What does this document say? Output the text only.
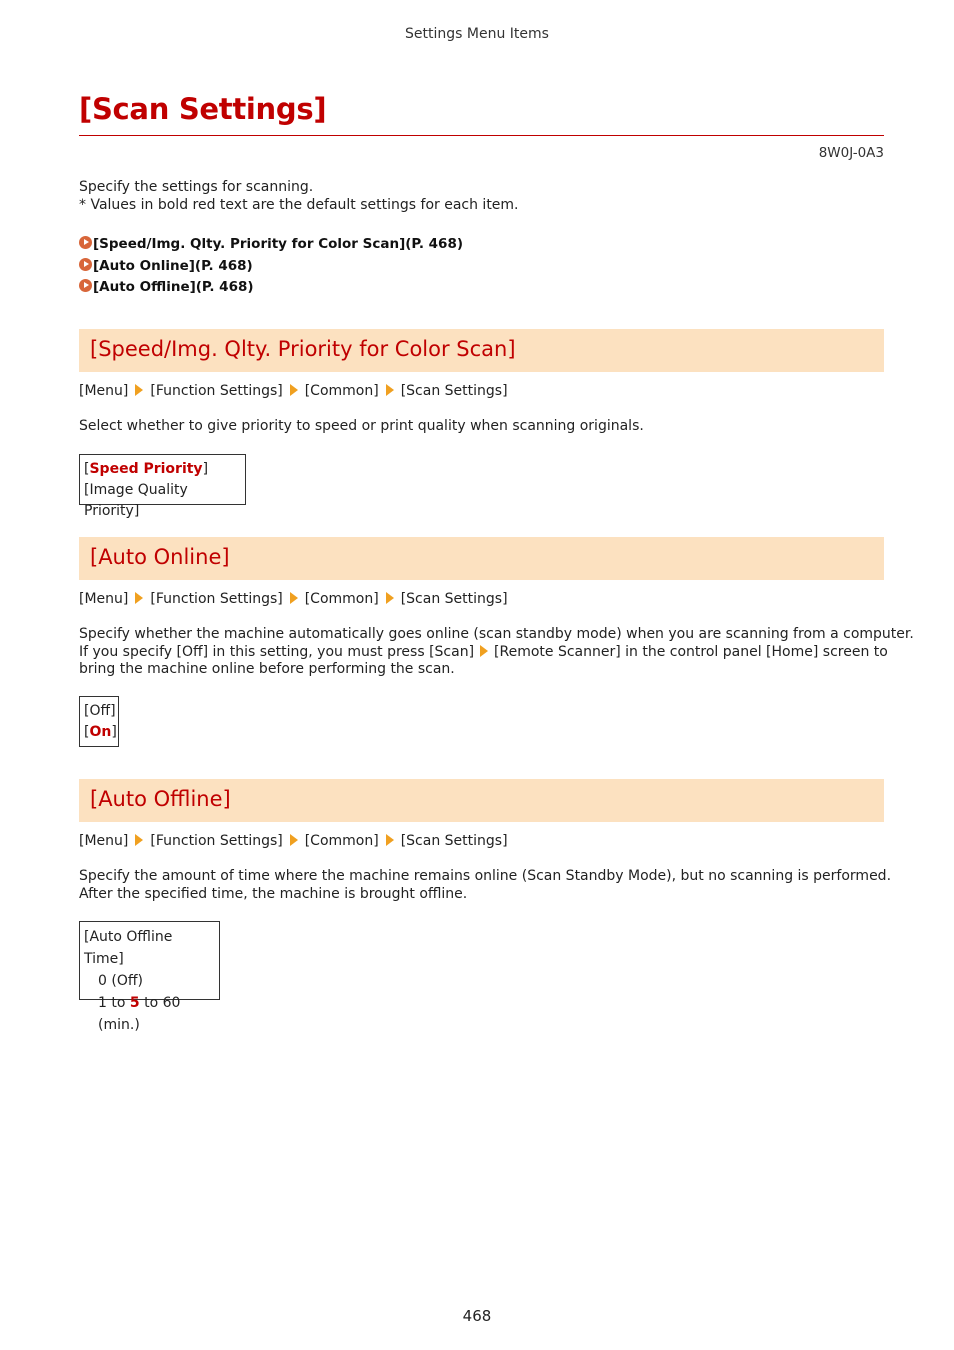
Settings Menu Items
[Scan Settings]
8W0J-0A3

Specify the settings for scanning.
* Values in bold red text are the default settings for each item.

[Speed/Img. Qlty. Priority for Color Scan](P. 468)
[Auto Online](P. 468)
[Auto Offline](P. 468)
[Speed/Img. Qlty. Priority for Color Scan]
[Menu] [Function Settings] [Common] [Scan Settings]

Select whether to give priority to speed or print quality when scanning originals.

[Speed Priority]
[Image Quality Priority]
[Auto Online]
[Menu] [Function Settings] [Common] [Scan Settings]

Specify whether the machine automatically goes online (scan standby mode) when you are scanning from a computer.
If you specify [Off] in this setting, you must press [Scan] [Remote Scanner] in the control panel [Home] screen to
bring the machine online before performing the scan.

[Off]
[On]
[Auto Offline]
[Menu] [Function Settings] [Common] [Scan Settings]

Specify the amount of time where the machine remains online (Scan Standby Mode), but no scanning is performed.
After the specified time, the machine is brought offline.

[Auto Offline Time]
0 (Off)
1 to 5 to 60 (min.)
468
